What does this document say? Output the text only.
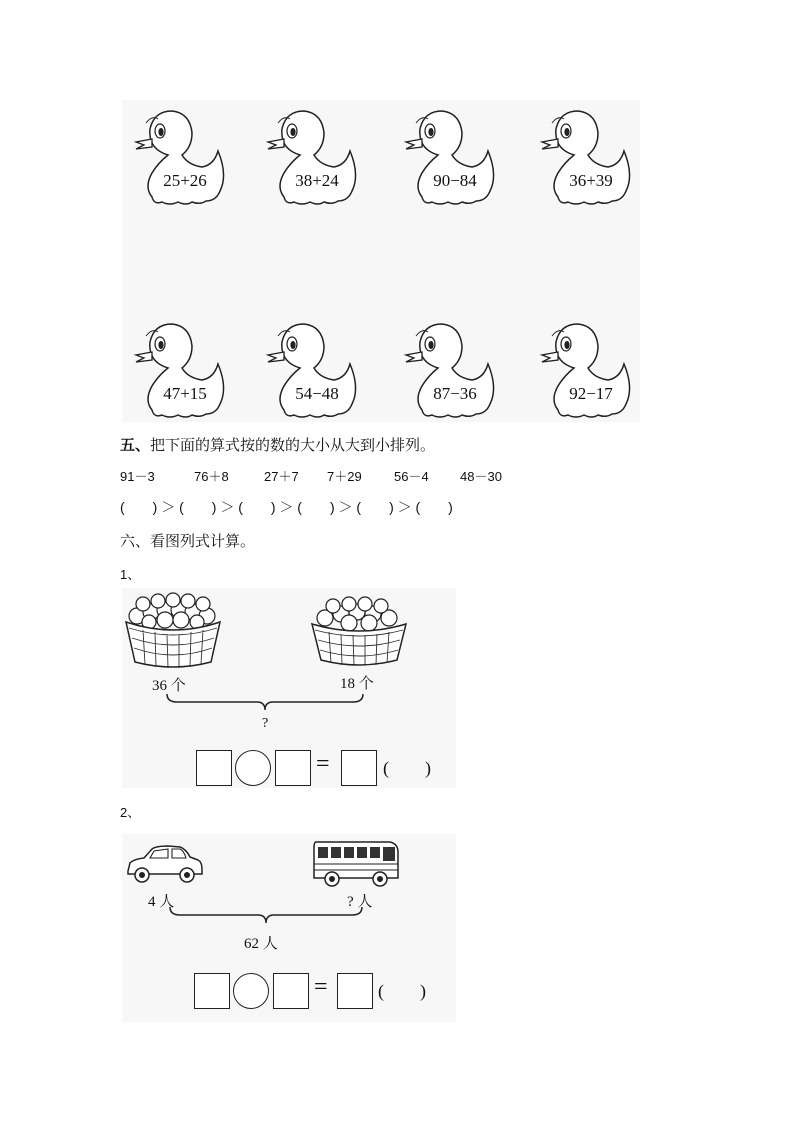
25+26	38+24	90−84	36+39
47+15	54−48	87−36	92−17
五、把下面的算式按的数的大小从大到小排列。
91－3	76＋8	27＋7 7＋29 56－4 48－30
(　　) ＞ (　　) ＞ (　　) ＞ (　　) ＞ (　　) ＞ (　　)
六、看图列式计算。
1、
36 个	18 个
?
=	(　　)
2、
4 人	? 人
62 人
=	(　　)
